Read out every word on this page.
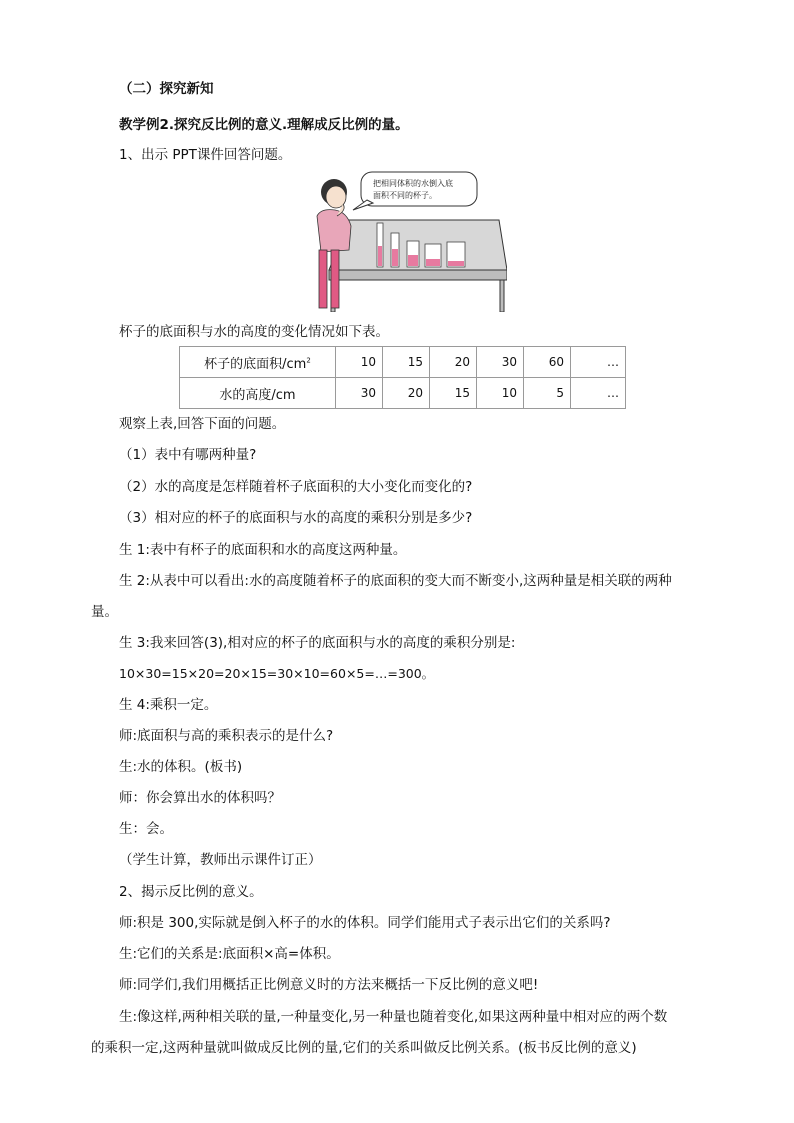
（二）探究新知
教学例2.探究反比例的意义.理解成反比例的量。
1、出示 PPT课件回答问题。
把相同体积的水倒入底
面积不同的杯子。
杯子的底面积与水的高度的变化情况如下表。
杯子的底面积$/cm^2$	10	15	20	30	60	…
水的高度/cm	30	20	15	10	5	…
观察上表,回答下面的问题。
（1）表中有哪两种量?
（2）水的高度是怎样随着杯子底面积的大小变化而变化的?
（3）相对应的杯子的底面积与水的高度的乘积分别是多少?
生 1:表中有杯子的底面积和水的高度这两种量。
生 2:从表中可以看出:水的高度随着杯子的底面积的变大而不断变小,这两种量是相关联的两种
量。
生 3:我来回答(3),相对应的杯子的底面积与水的高度的乘积分别是:
10×30=15×20=20×15=30×10=60×5=…=300。
生 4:乘积一定。
师:底面积与高的乘积表示的是什么?
生:水的体积。(板书)
师：你会算出水的体积吗？
生：会。
（学生计算，教师出示课件订正）
2、揭示反比例的意义。
师:积是 300,实际就是倒入杯子的水的体积。同学们能用式子表示出它们的关系吗?
生:它们的关系是:底面积×高=体积。
师:同学们,我们用概括正比例意义时的方法来概括一下反比例的意义吧!
生:像这样,两种相关联的量,一种量变化,另一种量也随着变化,如果这两种量中相对应的两个数
的乘积一定,这两种量就叫做成反比例的量,它们的关系叫做反比例关系。(板书反比例的意义)
